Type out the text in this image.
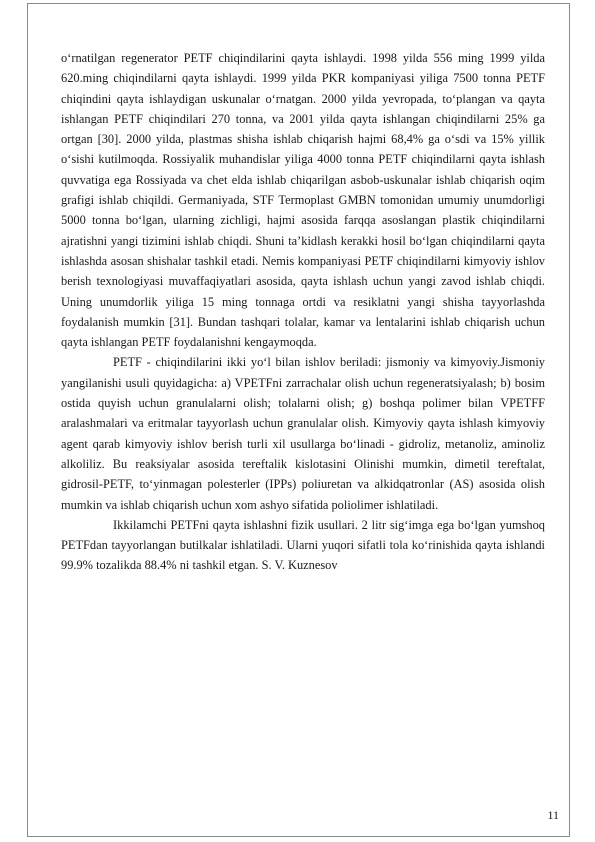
o‘rnatilgan regenerator PETF chiqindilarini qayta ishlaydi. 1998 yilda 556 ming 1999 yilda 620.ming chiqindilarni qayta ishlaydi. 1999 yilda PKR kompaniyasi yiliga 7500 tonna PETF chiqindini qayta ishlaydigan uskunalar o‘rnatgan. 2000 yilda yevropada, to‘plangan va qayta ishlangan PETF chiqindilari 270 tonna, va 2001 yilda qayta ishlangan chiqindilarni 25% ga ortgan [30]. 2000 yilda, plastmas shisha ishlab chiqarish hajmi 68,4% ga o‘sdi va 15% yillik o‘sishi kutilmoqda. Rossiyalik muhandislar yiliga 4000 tonna PETF chiqindilarni qayta ishlash quvvatiga ega Rossiyada va chet elda ishlab chiqarilgan asbob-uskunalar ishlab chiqarish oqim grafigi ishlab chiqildi. Germaniyada, STF Termoplast GMBN tomonidan umumiy unumdorligi 5000 tonna bo‘lgan, ularning zichligi, hajmi asosida farqqa asoslangan plastik chiqindilarni ajratishni yangi tizimini ishlab chiqdi. Shuni ta’kidlash kerakki hosil bo‘lgan chiqindilarni qayta ishlashda asosan shishalar tashkil etadi. Nemis kompaniyasi PETF chiqindilarni kimyoviy ishlov berish texnologiyasi muvaffaqiyatlari asosida, qayta ishlash uchun yangi zavod ishlab chiqdi. Uning unumdorlik yiliga 15 ming tonnaga ortdi va resiklatni yangi shisha tayyorlashda foydalanish mumkin [31]. Bundan tashqari tolalar, kamar va lentalarini ishlab chiqarish uchun qayta ishlangan PETF foydalanishni kengaymoqda.

PETF - chiqindilarini ikki yo‘l bilan ishlov beriladi: jismoniy va kimyoviy.Jismoniy yangilanishi usuli quyidagicha: a) VPETFni zarrachalar olish uchun regeneratsiyalash; b) bosim ostida quyish uchun granulalarni olish; tolalarni olish; g) boshqa polimer bilan VPETFF aralashmalari va eritmalar tayyorlash uchun granulalar olish. Kimyoviy qayta ishlash kimyoviy agent qarab kimyoviy ishlov berish turli xil usullarga bo‘linadi - gidroliz, metanoliz, aminoliz alkoliliz. Bu reaksiyalar asosida tereftalik kislotasini Olinishi mumkin, dimetil tereftalat, gidrosil-PETF, to‘yinmagan polesterler (IPPs) poliuretan va alkidqatronlar (AS) asosida olish mumkin va ishlab chiqarish uchun xom ashyo sifatida poliolimer ishlatiladi.

Ikkilamchi PETFni qayta ishlashni fizik usullari. 2 litr sig‘imga ega bo‘lgan yumshoq PETFdan tayyorlangan butilkalar ishlatiladi. Ularni yuqori sifatli tola ko‘rinishida qayta ishlandi 99.9% tozalikda 88.4% ni tashkil etgan. S. V. Kuznesov

11
